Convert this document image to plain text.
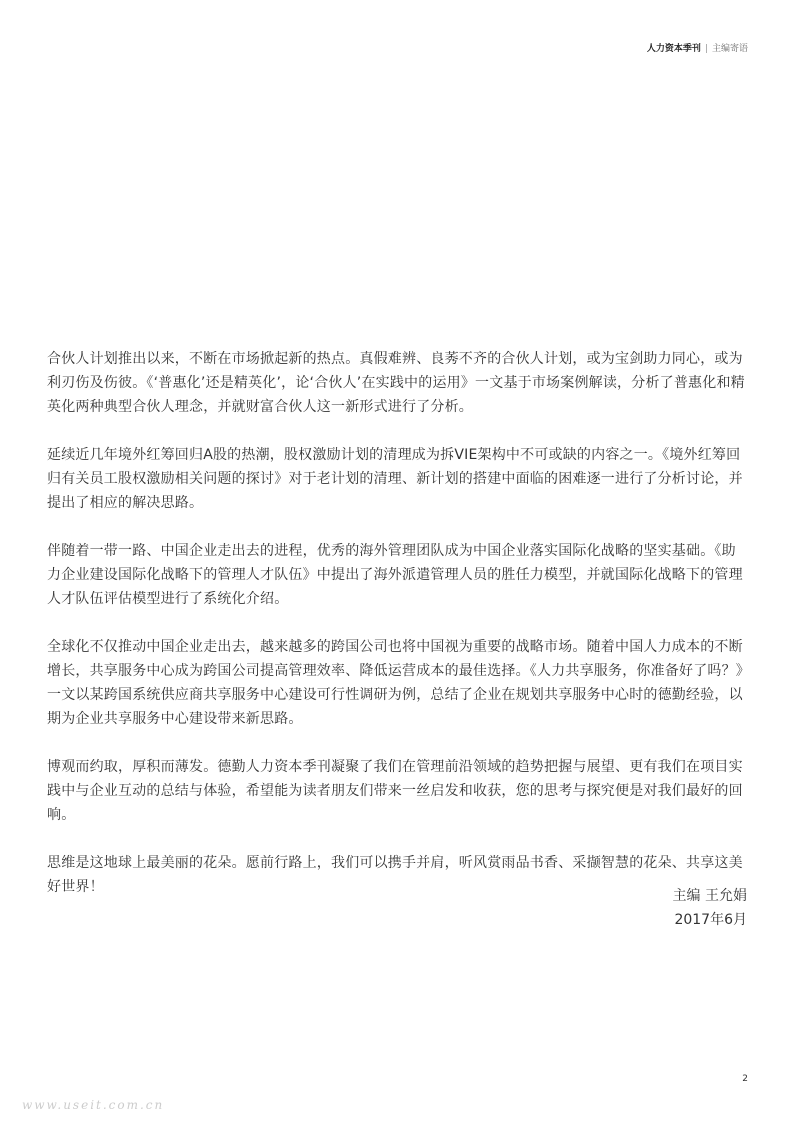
人力资本季刊 | 主编寄语

合伙人计划推出以来，不断在市场掀起新的热点。真假难辨、良莠不齐的合伙人计划，或为宝剑助力同心，或为利刃伤及伤彼。《‘普惠化’还是精英化’，论‘合伙人’在实践中的运用》一文基于市场案例解读，分析了普惠化和精英化两种典型合伙人理念，并就财富合伙人这一新形式进行了分析。

延续近几年境外红筹回归A股的热潮，股权激励计划的清理成为拆VIE架构中不可或缺的内容之一。《境外红筹回归有关员工股权激励相关问题的探讨》对于老计划的清理、新计划的搭建中面临的困难逐一进行了分析讨论，并提出了相应的解决思路。

伴随着一带一路、中国企业走出去的进程，优秀的海外管理团队成为中国企业落实国际化战略的坚实基础。《助力企业建设国际化战略下的管理人才队伍》中提出了海外派遣管理人员的胜任力模型，并就国际化战略下的管理人才队伍评估模型进行了系统化介绍。

全球化不仅推动中国企业走出去，越来越多的跨国公司也将中国视为重要的战略市场。随着中国人力成本的不断增长，共享服务中心成为跨国公司提高管理效率、降低运营成本的最佳选择。《人力共享服务，你准备好了吗？》一文以某跨国系统供应商共享服务中心建设可行性调研为例，总结了企业在规划共享服务中心时的德勤经验，以期为企业共享服务中心建设带来新思路。

博观而约取，厚积而薄发。德勤人力资本季刊凝聚了我们在管理前沿领域的趋势把握与展望、更有我们在项目实践中与企业互动的总结与体验，希望能为读者朋友们带来一丝启发和收获，您的思考与探究便是对我们最好的回响。

思维是这地球上最美丽的花朵。愿前行路上，我们可以携手并肩，听风赏雨品书香、采撷智慧的花朵、共享这美好世界！

主编 王允娟
2017年6月
2
www.useit.com.cn
